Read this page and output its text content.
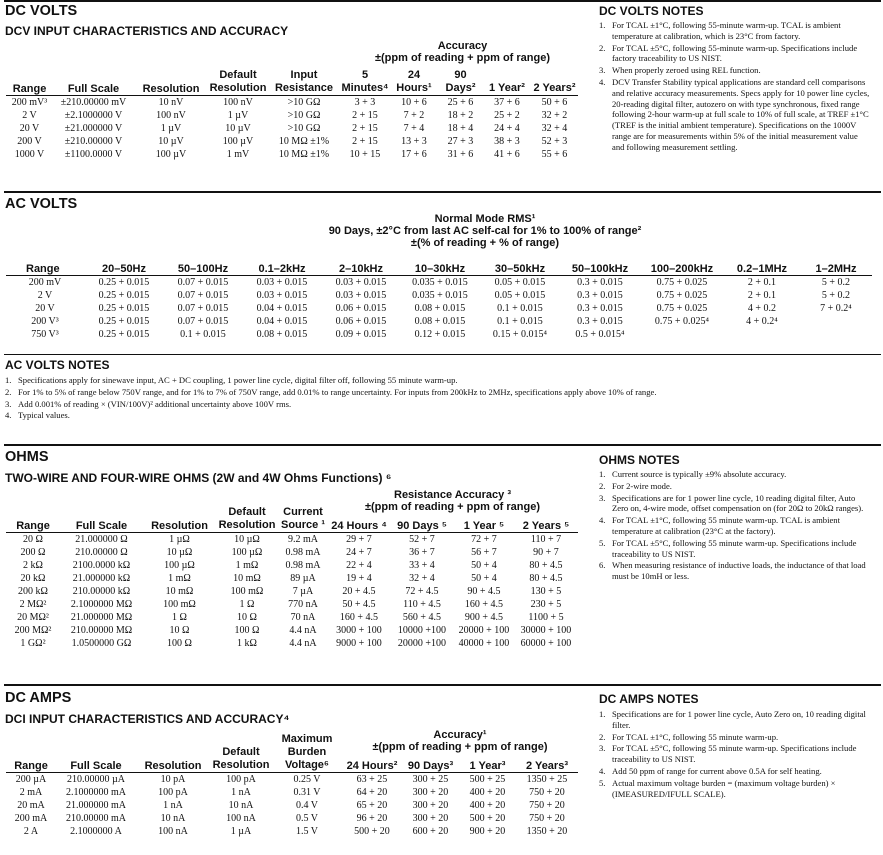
DC VOLTS
DCV INPUT CHARACTERISTICS AND ACCURACY
Accuracy
±(ppm of reading + ppm of range)
Range	Full Scale	Resolution	Default Resolution	Input Resistance	5 Minutes⁴	24 Hours¹	90 Days²	1 Year²	2 Years²
200 mV³	±210.00000 mV	10 nV	100 nV	>10 GΩ	3 + 3	10 + 6	25 + 6	37 + 6	50 + 6
2 V	±2.1000000 V	100 nV	1 µV	>10 GΩ	2 + 15	7 + 2	18 + 2	25 + 2	32 + 2
20 V	±21.000000 V	1 µV	10 µV	>10 GΩ	2 + 15	7 + 4	18 + 4	24 + 4	32 + 4
200 V	±210.00000 V	10 µV	100 µV	10 MΩ ±1%	2 + 15	13 + 3	27 + 3	38 + 3	52 + 3
1000 V	±1100.0000 V	100 µV	1 mV	10 MΩ ±1%	10 + 15	17 + 6	31 + 6	41 + 6	55 + 6
DC VOLTS NOTES
1. For TCAL ±1°C, following 55-minute warm-up. TCAL is ambient temperature at calibration, which is 23°C from factory.
2. For TCAL ±5°C, following 55-minute warm-up. Specifications include factory traceability to US NIST.
3. When properly zeroed using REL function.
4. DCV Transfer Stability typical applications are standard cell comparisons and relative accuracy measurements. Specs apply for 10 power line cycles, 20-reading digital filter, autozero on with type synchronous, fixed range following 2-hour warm-up at full scale to 10% of full scale, at TREF ±1°C (TREF is the initial ambient temperature). Specifications on the 1000V range are for measurements within 5% of the initial measurement value and following measurement settling.
AC VOLTS
Normal Mode RMS¹
90 Days, ±2°C from last AC self-cal for 1% to 100% of range²
±(% of reading + % of range)
Range	20–50Hz	50–100Hz	0.1–2kHz	2–10kHz	10–30kHz	30–50kHz	50–100kHz	100–200kHz	0.2–1MHz	1–2MHz
200 mV	0.25 + 0.015	0.07 + 0.015	0.03 + 0.015	0.03 + 0.015	0.035 + 0.015	0.05 + 0.015	0.3 + 0.015	0.75 + 0.025	2 + 0.1	5 + 0.2
2 V	0.25 + 0.015	0.07 + 0.015	0.03 + 0.015	0.03 + 0.015	0.035 + 0.015	0.05 + 0.015	0.3 + 0.015	0.75 + 0.025	2 + 0.1	5 + 0.2
20 V	0.25 + 0.015	0.07 + 0.015	0.04 + 0.015	0.06 + 0.015	0.08 + 0.015	0.1 + 0.015	0.3 + 0.015	0.75 + 0.025	4 + 0.2	7 + 0.2⁴
200 V³	0.25 + 0.015	0.07 + 0.015	0.04 + 0.015	0.06 + 0.015	0.08 + 0.015	0.1 + 0.015	0.3 + 0.015	0.75 + 0.025⁴	4 + 0.2⁴	
750 V³	0.25 + 0.015	0.1 + 0.015	0.08 + 0.015	0.09 + 0.015	0.12 + 0.015	0.15 + 0.015⁴	0.5 + 0.015⁴			
AC VOLTS NOTES
1. Specifications apply for sinewave input, AC + DC coupling, 1 power line cycle, digital filter off, following 55 minute warm-up.
2. For 1% to 5% of range below 750V range, and for 1% to 7% of 750V range, add 0.01% to range uncertainty. For inputs from 200kHz to 2MHz, specifications apply above 10% of range.
3. Add 0.001% of reading × (VIN/100V)² additional uncertainty above 100V rms.
4. Typical values.
OHMS
TWO-WIRE AND FOUR-WIRE OHMS (2W and 4W Ohms Functions) ⁶
Resistance Accuracy ³
±(ppm of reading + ppm of range)
Range	Full Scale	Resolution	Default Resolution	Current Source ¹	24 Hours ⁴	90 Days ⁵	1 Year ⁵	2 Years ⁵
20 Ω	21.000000 Ω	1 µΩ	10 µΩ	9.2 mA	29 + 7	52 + 7	72 + 7	110 + 7
200 Ω	210.00000 Ω	10 µΩ	100 µΩ	0.98 mA	24 + 7	36 + 7	56 + 7	90 + 7
2 kΩ	2100.0000 kΩ	100 µΩ	1 mΩ	0.98 mA	22 + 4	33 + 4	50 + 4	80 + 4.5
20 kΩ	21.000000 kΩ	1 mΩ	10 mΩ	89 µA	19 + 4	32 + 4	50 + 4	80 + 4.5
200 kΩ	210.00000 kΩ	10 mΩ	100 mΩ	7 µA	20 + 4.5	72 + 4.5	90 + 4.5	130 + 5
2 MΩ²	2.1000000 MΩ	100 mΩ	1 Ω	770 nA	50 + 4.5	110 + 4.5	160 + 4.5	230 + 5
20 MΩ²	21.000000 MΩ	1 Ω	10 Ω	70 nA	160 + 4.5	560 + 4.5	900 + 4.5	1100 + 5
200 MΩ²	210.00000 MΩ	10 Ω	100 Ω	4.4 nA	3000 + 100	10000 +100	20000 + 100	30000 + 100
1 GΩ²	1.0500000 GΩ	100 Ω	1 kΩ	4.4 nA	9000 + 100	20000 +100	40000 + 100	60000 + 100
OHMS NOTES
1. Current source is typically ±9% absolute accuracy.
2. For 2-wire mode.
3. Specifications are for 1 power line cycle, 10 reading digital filter, Auto Zero on, 4-wire mode, offset compensation on (for 20Ω to 20kΩ ranges).
4. For TCAL ±1°C, following 55 minute warm-up. TCAL is ambient temperature at calibration (23°C at the factory).
5. For TCAL ±5°C, following 55 minute warm-up. Specifications include traceability to US NIST.
6. When measuring resistance of inductive loads, the inductance of that load must be 10mH or less.
DC AMPS
DCI INPUT CHARACTERISTICS AND ACCURACY⁴
Accuracy¹
±(ppm of reading + ppm of range)
Range	Full Scale	Resolution	Default Resolution	Maximum Burden Voltage⁶	24 Hours²	90 Days³	1 Year³	2 Years³
200 µA	210.00000 µA	10 pA	100 pA	0.25 V	63 + 25	300 + 25	500 + 25	1350 + 25
2 mA	2.1000000 mA	100 pA	1 nA	0.31 V	64 + 20	300 + 20	400 + 20	750 + 20
20 mA	21.000000 mA	1 nA	10 nA	0.4 V	65 + 20	300 + 20	400 + 20	750 + 20
200 mA	210.00000 mA	10 nA	100 nA	0.5 V	96 + 20	300 + 20	500 + 20	750 + 20
2 A	2.1000000 A	100 nA	1 µA	1.5 V	500 + 20	600 + 20	900 + 20	1350 + 20
DC AMPS NOTES
1. Specifications are for 1 power line cycle, Auto Zero on, 10 reading digital filter.
2. For TCAL ±1°C, following 55 minute warm-up.
3. For TCAL ±5°C, following 55 minute warm-up. Specifications include traceability to US NIST.
4. Add 50 ppm of range for current above 0.5A for self heating.
5. Actual maximum voltage burden = (maximum voltage burden) × (IMEASURED/IFULL SCALE).
